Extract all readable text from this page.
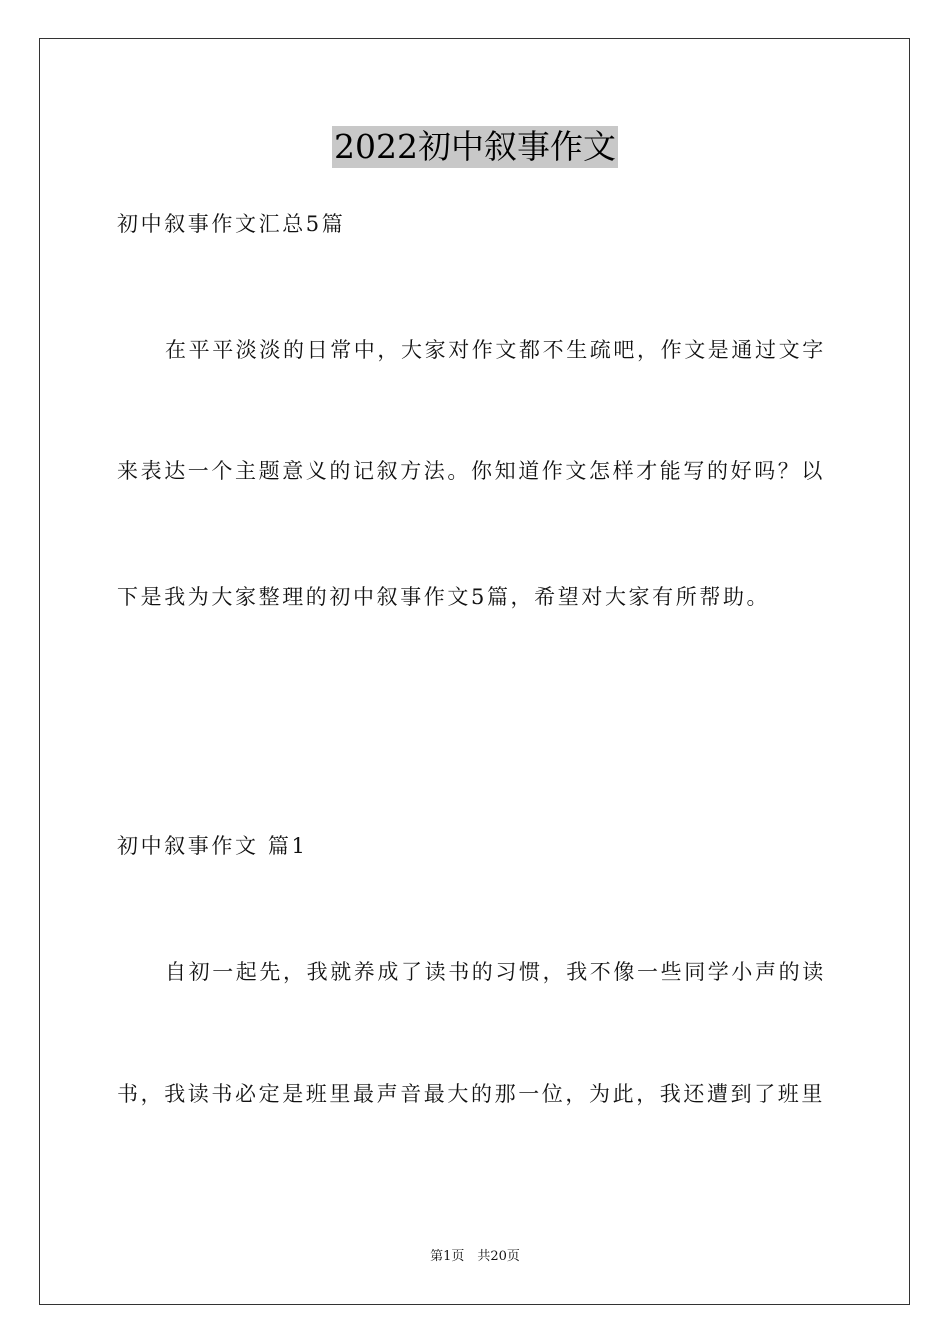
2022初中叙事作文
初中叙事作文汇总5篇
在平平淡淡的日常中，大家对作文都不生疏吧，作文是通过文字
来表达一个主题意义的记叙方法。你知道作文怎样才能写的好吗？以
下是我为大家整理的初中叙事作文5篇，希望对大家有所帮助。
初中叙事作文 篇1
自初一起先，我就养成了读书的习惯，我不像一些同学小声的读
书，我读书必定是班里最声音最大的那一位，为此，我还遭到了班里
第1页　共20页
